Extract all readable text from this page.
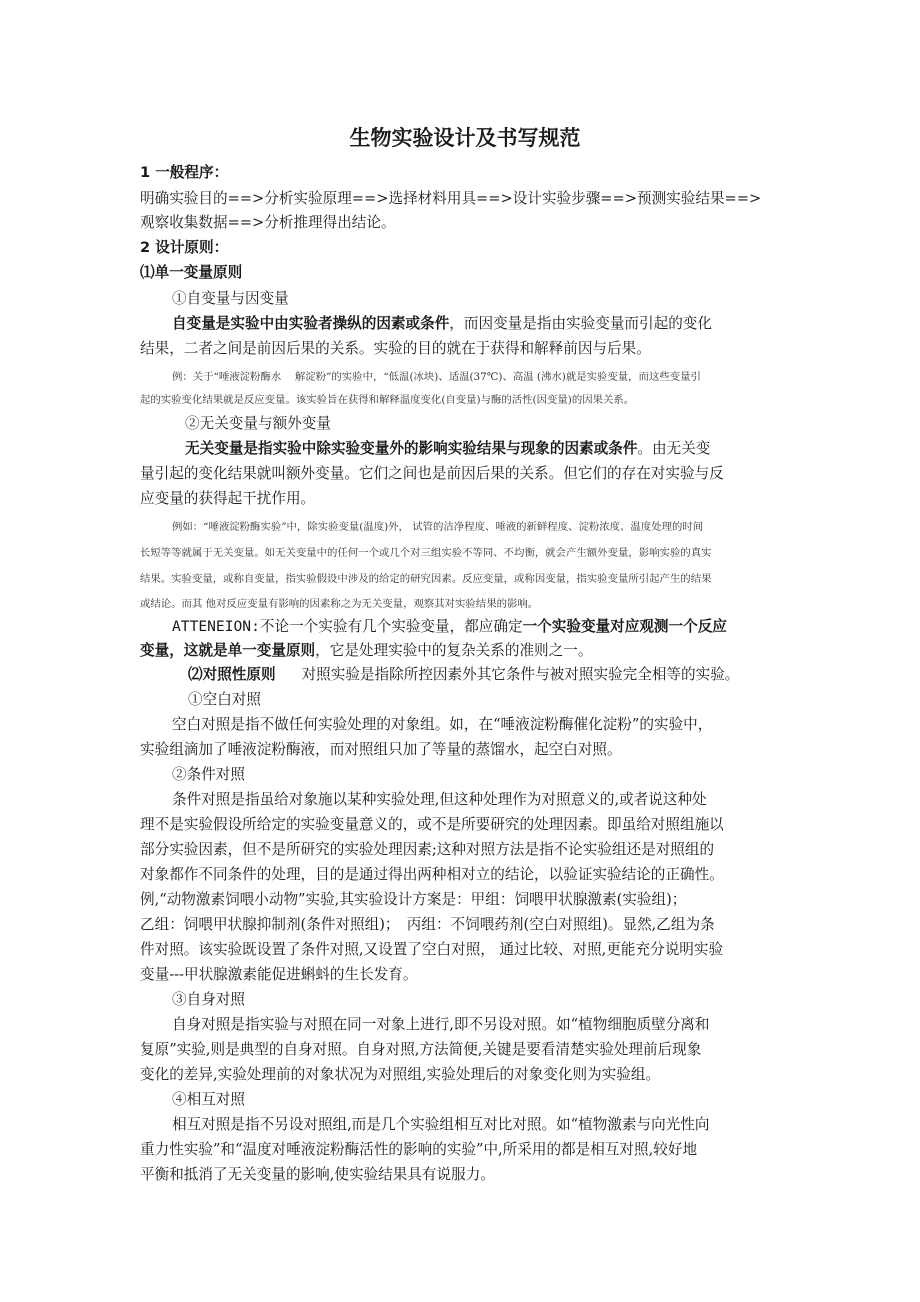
生物实验设计及书写规范
1 一般程序：
明确实验目的==>分析实验原理==>选择材料用具==>设计实验步骤==>预测实验结果==>
观察收集数据==>分析推理得出结论。
2 设计原则：
⑴单一变量原则
①自变量与因变量
自变量是实验中由实验者操纵的因素或条件，而因变量是指由实验变量而引起的变化
结果，二者之间是前因后果的关系。实验的目的就在于获得和解释前因与后果。
例：关于“唾液淀粉酶水　 解淀粉”的实验中，“低温(冰块)、适温(37℃)、高温 (沸水)就是实验变量，而这些变量引
起的实验变化结果就是反应变量。该实验旨在获得和解释温度变化(自变量)与酶的活性(因变量)的因果关系。
②无关变量与额外变量
无关变量是指实验中除实验变量外的影响实验结果与现象的因素或条件。由无关变
量引起的变化结果就叫额外变量。它们之间也是前因后果的关系。但它们的存在对实验与反
应变量的获得起干扰作用。
例如：“唾液淀粉酶实验”中，除实验变量(温度)外， 试管的洁净程度、唾液的新鲜程度、淀粉浓度、温度处理的时间
长短等等就属于无关变量。如无关变量中的任何一个或几个对三组实验不等同、不均衡，就会产生额外变量，影响实验的真实
结果。实验变量，或称自变量，指实验假设中涉及的给定的研究因素。反应变量，或称因变量，指实验变量所引起产生的结果
或结论。而其 他对反应变量有影响的因素称之为无关变量，观察其对实验结果的影响。
ATTENEION:不论一个实验有几个实验变量，都应确定一个实验变量对应观测一个反应
变量，这就是单一变量原则，它是处理实验中的复杂关系的准则之一。
⑵对照性原则 对照实验是指除所控因素外其它条件与被对照实验完全相等的实验。
①空白对照
空白对照是指不做任何实验处理的对象组。如，在“唾液淀粉酶催化淀粉”的实验中，
实验组滴加了唾液淀粉酶液，而对照组只加了等量的蒸馏水，起空白对照。
②条件对照
条件对照是指虽给对象施以某种实验处理,但这种处理作为对照意义的,或者说这种处
理不是实验假设所给定的实验变量意义的，或不是所要研究的处理因素。即虽给对照组施以
部分实验因素，但不是所研究的实验处理因素;这种对照方法是指不论实验组还是对照组的
对象都作不同条件的处理，目的是通过得出两种相对立的结论，以验证实验结论的正确性。
例,“动物激素饲喂小动物”实验,其实验设计方案是：甲组：饲喂甲状腺激素(实验组)；
乙组：饲喂甲状腺抑制剂(条件对照组)；　丙组：不饲喂药剂(空白对照组)。显然,乙组为条
件对照。该实验既设置了条件对照,又设置了空白对照， 通过比较、对照,更能充分说明实验
变量---甲状腺激素能促进蝌蚪的生长发育。
③自身对照
自身对照是指实验与对照在同一对象上进行,即不另设对照。如“植物细胞质壁分离和
复原”实验,则是典型的自身对照。自身对照,方法简便,关键是要看清楚实验处理前后现象
变化的差异,实验处理前的对象状况为对照组,实验处理后的对象变化则为实验组。
④相互对照
相互对照是指不另设对照组,而是几个实验组相互对比对照。如“植物激素与向光性向
重力性实验”和“温度对唾液淀粉酶活性的影响的实验”中,所采用的都是相互对照,较好地
平衡和抵消了无关变量的影响,使实验结果具有说服力。
